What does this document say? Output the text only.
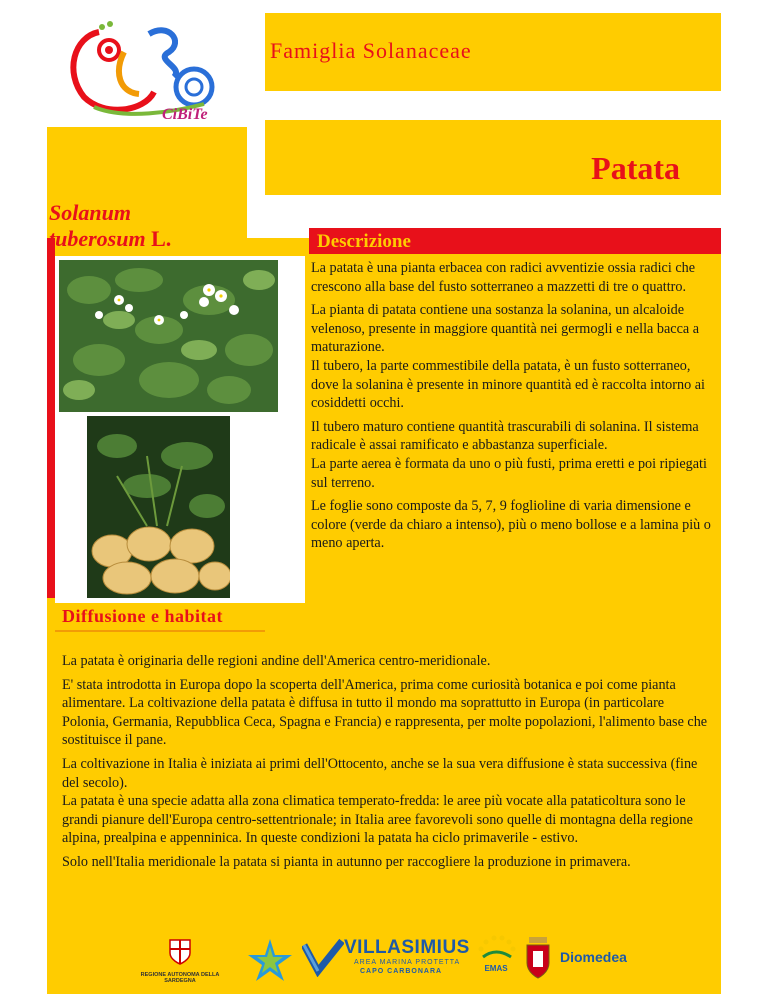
CiBiTe
Famiglia Solanaceae
Patata
Solanum
tuberosum L.	Descrizione

La patata è una pianta erbacea con radici avventizie ossia radici che crescono alla base del fusto sotterraneo a mazzetti di tre o quattro.

La pianta di patata contiene una sostanza la solanina, un alcaloide velenoso, presente in maggiore quantità nei germogli e nella bacca a maturazione.

Il tubero, la parte commestibile della patata, è un fusto sotterraneo, dove la solanina è presente in minore quantità ed è raccolta intorno ai cosiddetti occhi.

Il tubero maturo contiene quantità trascurabili di solanina. Il sistema radicale è assai ramificato e abbastanza superficiale.

La parte aerea è formata da uno o più fusti, prima eretti e poi ripiegati sul terreno.

Le foglie sono composte da 5, 7, 9 foglioline di varia dimensione e colore (verde da chiaro a intenso), più o meno bollose e a lamina più o meno aperta.

Diffusione e habitat

La patata è originaria delle regioni andine dell'America centro-meridionale.

E' stata introdotta in Europa dopo la scoperta dell'America, prima come curiosità botanica e poi come pianta alimentare. La coltivazione della patata è diffusa in tutto il mondo ma soprattutto in Europa (in particolare Polonia, Germania, Repubblica Ceca, Spagna e Francia) e rappresenta, per molte popolazioni, l'alimento base che sostituisce il pane.

La coltivazione in Italia è iniziata ai primi dell'Ottocento, anche se la sua vera diffusione è stata successiva (fine del secolo).

La patata è una specie adatta alla zona climatica temperato-fredda: le aree più vocate alla pataticoltura sono le grandi pianure dell'Europa centro-settentrionale; in Italia aree favorevoli sono quelle di montagna della regione alpina, prealpina e appenninica. In queste condizioni la patata ha ciclo primaverile - estivo.

Solo nell'Italia meridionale la patata si pianta in autunno per raccogliere la produzione in primavera.

REGIONE AUTONOMA DELLA SARDEGNA
VILLASIMIUS
AREA MARINA PROTETTA
CAPO CARBONARA	EMAS
Diomedea
